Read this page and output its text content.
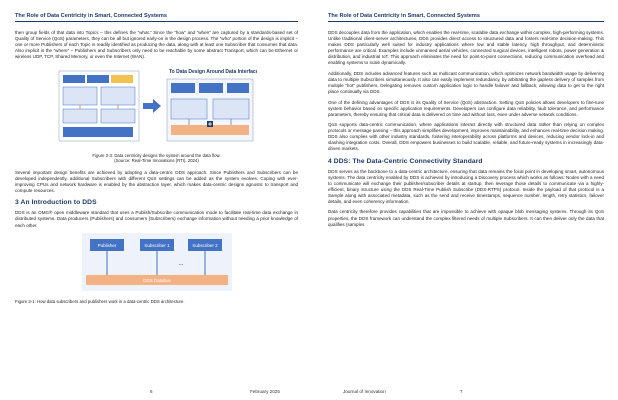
The Role of Data Centricity in Smart, Connected Systems

then group fields of that data into Topics – this defines the “what.” Since the “how” and “when” are captured by a standards-based set of Quality of Service (QoS) parameters, they can be all but ignored early-on in the design process. The “who” portion of the design is implicit – one or more Publishers of each Topic is readily identified as producing the data, along with at least one Subscriber that consumes that data. Also implicit is the “where” – Publishers and Subscribers only need to be reachable by some abstract Transport, which can be Ethernet or wireless UDP, TCP, Shared Memory, or even the Internet (WAN).

To Data Design Around Data Interface
Figure 2-3: Data centricity designs the system around the data flow.
(Source: Real-Time Innovations (RTI), 2024)

Several important design benefits are achieved by adopting a data-centric DDS approach. Since Publishers and Subscribers can be developed independently, additional Subscribers with different QoS settings can be added as the system evolves. Coping with ever-improving CPUs and network hardware is enabled by the abstraction layer, which makes data-centric designs agnostic to transport and compute resources.

3 An Introduction to DDS

DDS is an OMG® open middleware standard that uses a Publish/Subscribe communication mode to facilitate real-time data exchange in distributed systems. Data producers (Publishers) and consumers (Subscribers) exchange information without needing a prior knowledge of each other.

Publisher	Subscriber 1	Subscriber 2
...
DDS Databus
Figure 3-1: How data subscribers and publishers work in a data-centric DDS architecture.
6	February 2025
The Role of Data Centricity in Smart, Connected Systems

DDS decouples data from the application, which enables the real-time, scalable data exchange within complex, high-performing systems. Unlike traditional client-server architectures, DDS provides direct access to structured data and fosters real-time decision-making. This makes DDS particularly well suited for industry applications where low and stable latency, high throughput, and deterministic performance are critical. Examples include unmanned aerial vehicles, connected surgical devices, intelligent robots, power generation & distribution, and industrial IoT. This approach eliminates the need for point-to-point connections, reducing communication overhead and enabling systems to scale dynamically.

Additionally, DDS includes advanced features such as multicast communication, which optimizes network bandwidth usage by delivering data to multiple Subscribers simultaneously. It also can easily implement redundancy, by arbitrating the gapless delivery of samples from multiple “hot” publishers. Delegating removes custom application logic to handle failover and fallback, allowing data to get to the right place continually via DDS.

One of the defining advantages of DDS is its Quality of Service (QoS) abstraction. Setting QoS policies allows developers to fine-tune system behavior based on specific application requirements. Developers can configure data reliability, fault tolerance, and performance parameters, thereby ensuring that critical data is delivered on time and without loss, even under adverse network conditions.

QoS supports data-centric communication, where applications interact directly with structured data rather than relying on complex protocols or message passing – this approach simplifies development, improves maintainability, and enhances real-time decision making. DDS also complies with other industry standards, fostering interoperability across platforms and devices, reducing vendor lock-in and slashing integration costs. Overall, DDS empowers businesses to build scalable, reliable, and future-ready systems in increasingly data-driven markets.

4 DDS: The Data-Centric Connectivity Standard

DDS serves as the backbone to a data-centric architecture, ensuring that data remains the focal point in developing smart, autonomous systems. The data centricity enabled by DDS is achieved by introducing a Discovery process which works as follows: Nodes with a need to communicate will exchange their publisher/subscriber details at startup, then leverage those details to communicate via a highly-efficient, binary structure using the DDS Real-Time Publish Subscribe (DDS-RTPS) protocol. Inside the payload of that protocol is a Sample along with associated metadata, such as the send and receive timestamps, sequence number, length, retry statistics, failover details, and even coherency information.

Data centricity therefore provides capabilities that are impossible to achieve with opaque blob messaging systems. Through its QoS properties, the DDS framework can understand the complex filtered needs of multiple Subscribers. It can then deliver only the data that qualifies (samples

Journal of Innovation	7
